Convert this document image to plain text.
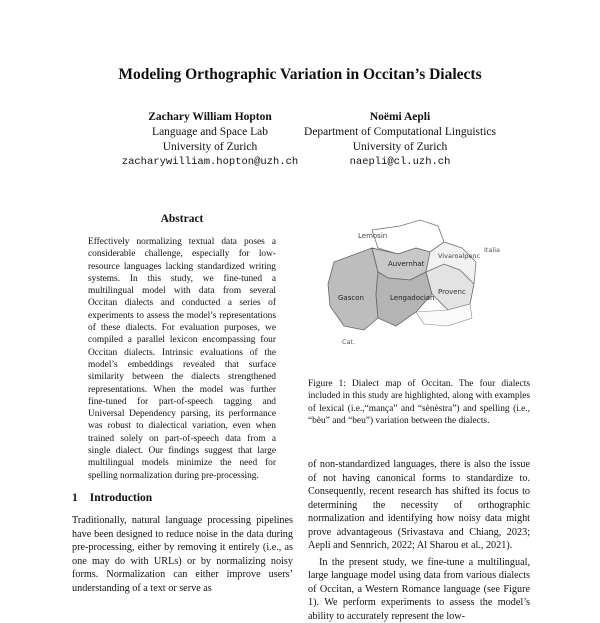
Modeling Orthographic Variation in Occitan’s Dialects
Zachary William Hopton
Language and Space Lab
University of Zurich
zacharywilliam.hopton@uzh.ch
Noëmi Aepli
Department of Computational Linguistics
University of Zurich
naepli@cl.uzh.ch
Abstract
Effectively normalizing textual data poses a considerable challenge, especially for low-resource languages lacking standardized writing systems. In this study, we fine-tuned a multilingual model with data from several Occitan dialects and conducted a series of experiments to assess the model’s representations of these dialects. For evaluation purposes, we compiled a parallel lexicon encompassing four Occitan dialects. Intrinsic evaluations of the model’s embeddings revealed that surface similarity between the dialects strengthened representations. When the model was further fine-tuned for part-of-speech tagging and Universal Dependency parsing, its performance was robust to dialectical variation, even when trained solely on part-of-speech data from a single dialect. Our findings suggest that large multilingual models minimize the need for spelling normalization during pre-processing.
1 Introduction

Traditionally, natural language processing pipelines have been designed to reduce noise in the data during pre-processing, either by removing it entirely (i.e., as one may do with URLs) or by normalizing noisy forms. Normalization can either improve users’ understanding of a text or serve as

Lemosin
Auvernhat
Lengadocian
Gascon
Provenc
Vivaroalpenc
Italia
Cat.
Figure 1: Dialect map of Occitan. The four dialects included in this study are highlighted, along with examples of lexical (i.e.,“mança” and “sènèstra”) and spelling (i.e., “bèu” and “beu”) variation between the dialects.

of non-standardized languages, there is also the issue of not having canonical forms to standardize to. Consequently, recent research has shifted its focus to determining the necessity of orthographic normalization and identifying how noisy data might prove advantageous (Srivastava and Chiang, 2023; Aepli and Sennrich, 2022; Al Sharou et al., 2021).

In the present study, we fine-tune a multilingual, large language model using data from various dialects of Occitan, a Western Romance language (see Figure 1). We perform experiments to assess the model’s ability to accurately represent the low-
